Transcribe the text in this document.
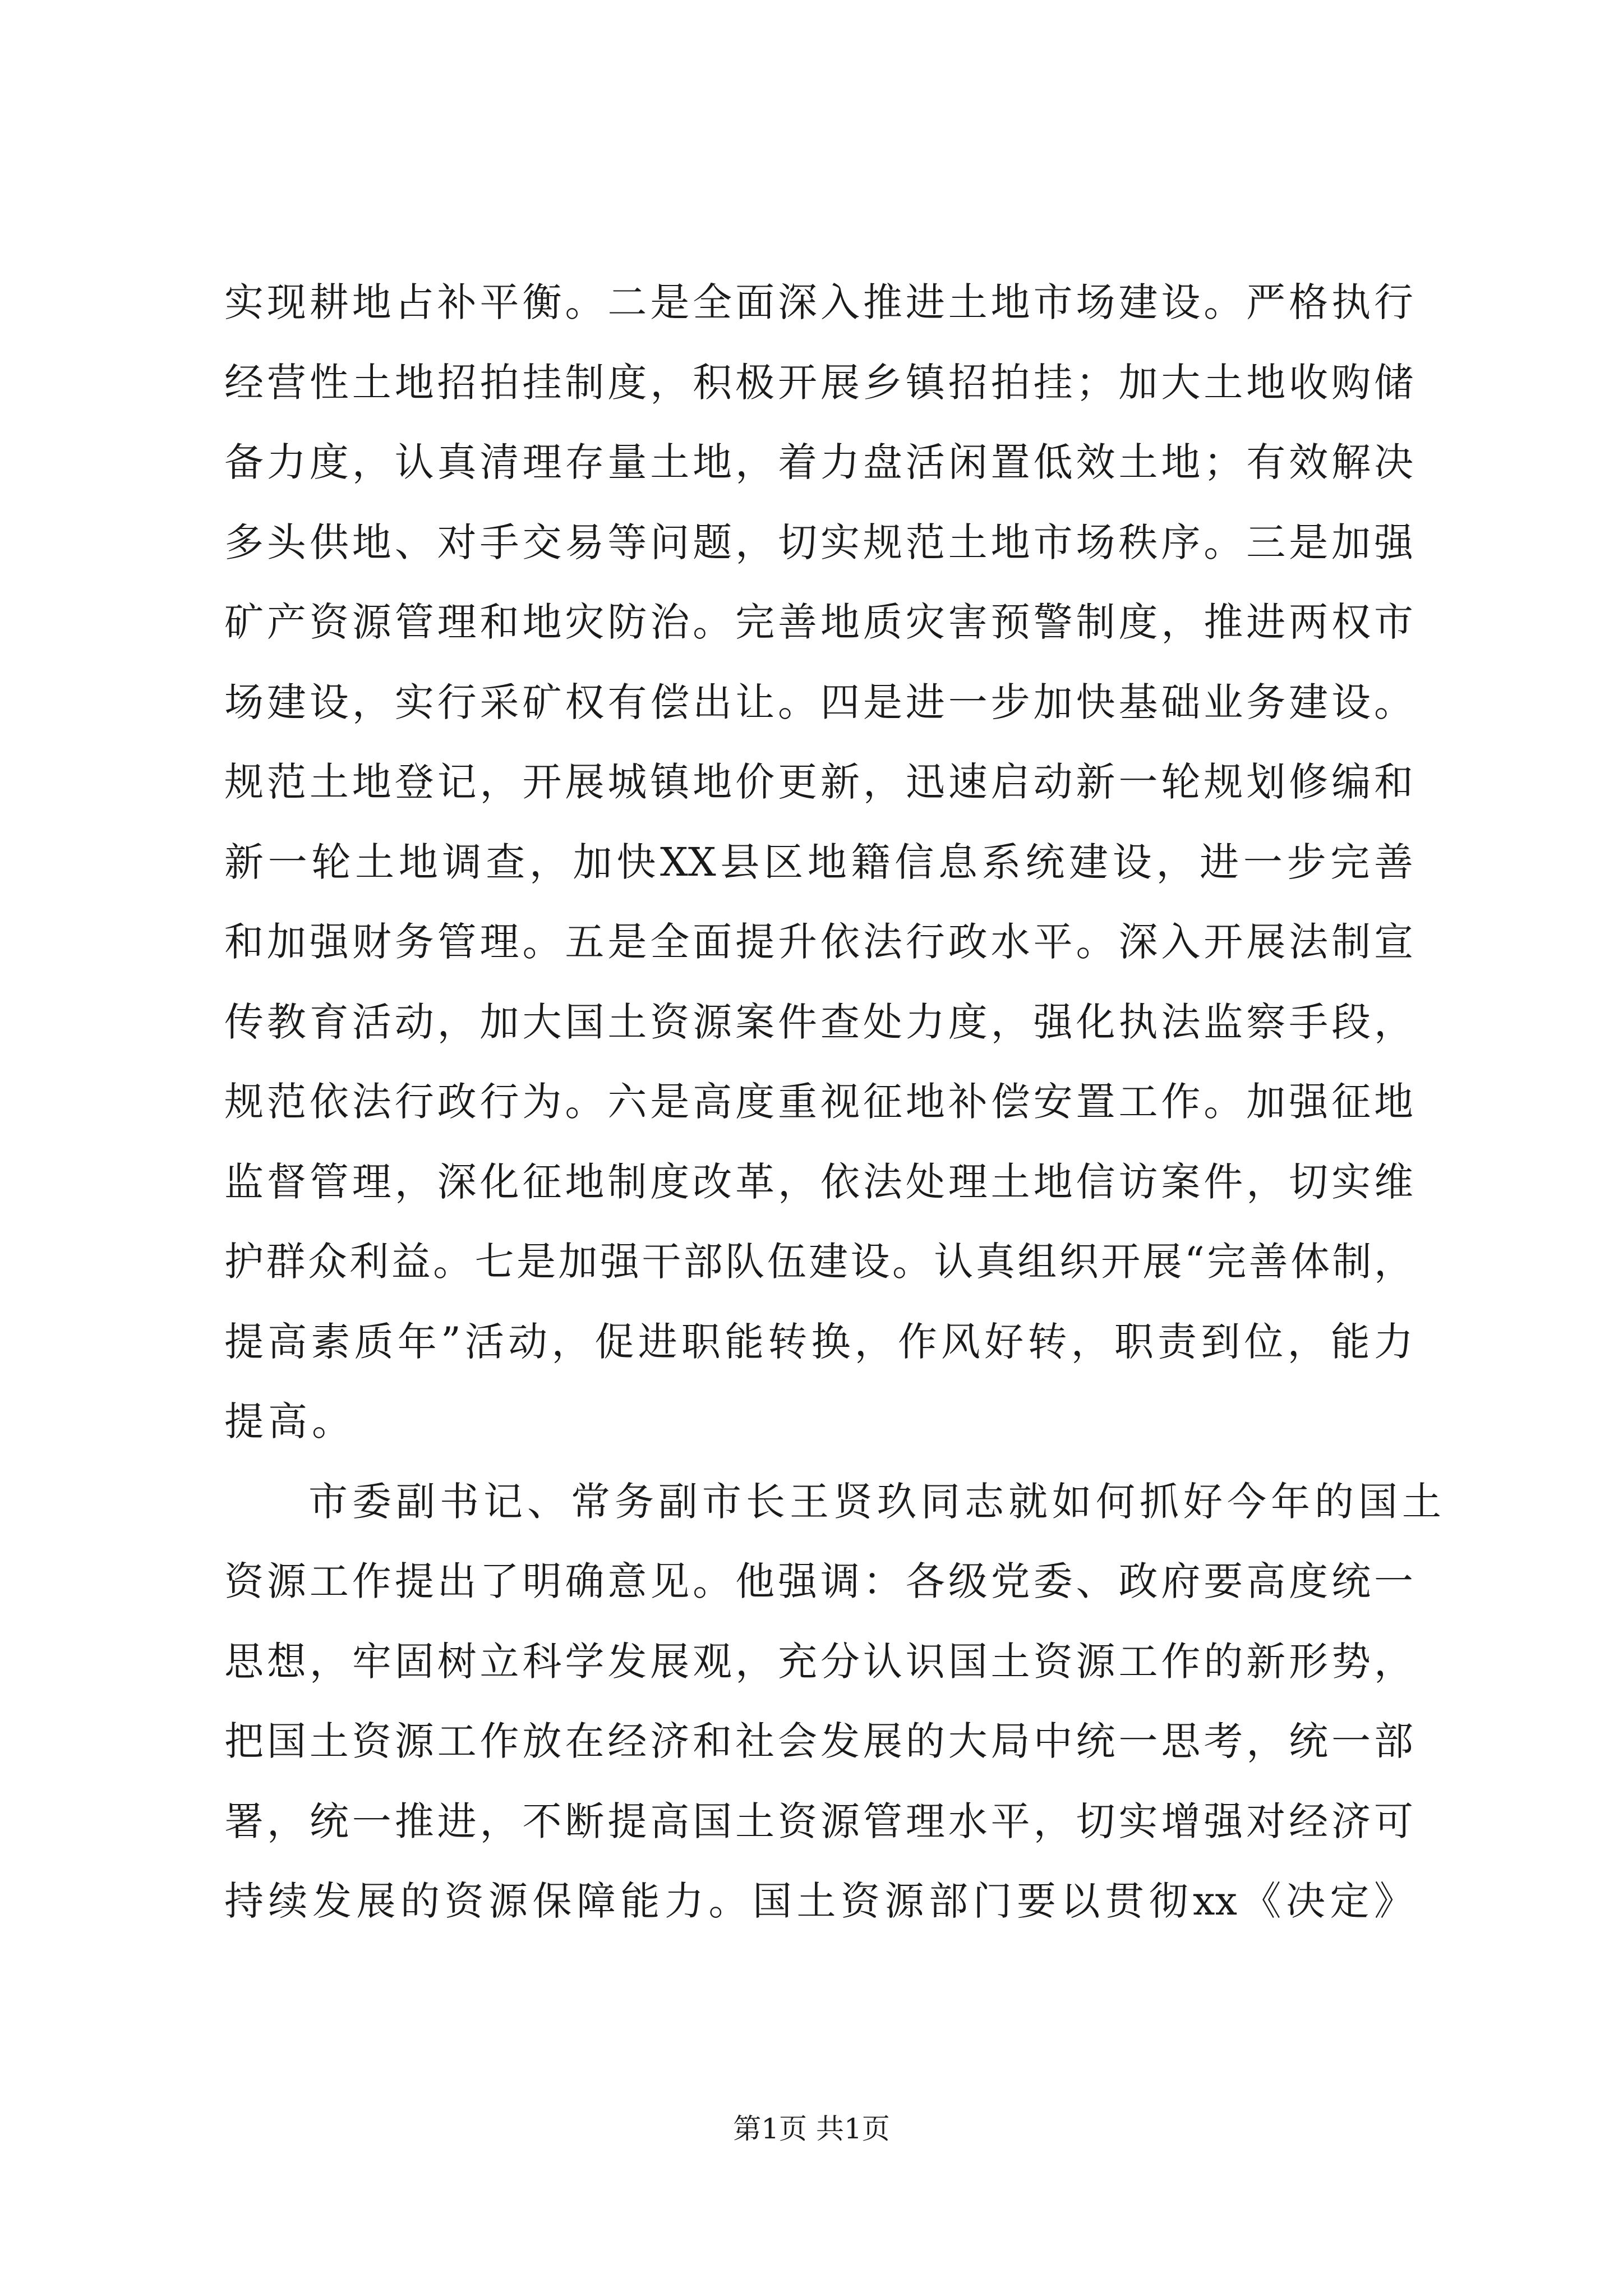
实现耕地占补平衡。二是全面深入推进土地市场建设。严格执行
经营性土地招拍挂制度，积极开展乡镇招拍挂；加大土地收购储
备力度，认真清理存量土地，着力盘活闲置低效土地；有效解决
多头供地、对手交易等问题，切实规范土地市场秩序。三是加强
矿产资源管理和地灾防治。完善地质灾害预警制度，推进两权市
场建设，实行采矿权有偿出让。四是进一步加快基础业务建设。
规范土地登记，开展城镇地价更新，迅速启动新一轮规划修编和
新一轮土地调查，加快XX县区地籍信息系统建设，进一步完善
和加强财务管理。五是全面提升依法行政水平。深入开展法制宣
传教育活动，加大国土资源案件查处力度，强化执法监察手段，
规范依法行政行为。六是高度重视征地补偿安置工作。加强征地
监督管理，深化征地制度改革，依法处理土地信访案件，切实维
护群众利益。七是加强干部队伍建设。认真组织开展“完善体制，
提高素质年”活动，促进职能转换，作风好转，职责到位，能力
提高。
市委副书记、常务副市长王贤玖同志就如何抓好今年的国土
资源工作提出了明确意见。他强调：各级党委、政府要高度统一
思想，牢固树立科学发展观，充分认识国土资源工作的新形势，
把国土资源工作放在经济和社会发展的大局中统一思考，统一部
署，统一推进，不断提高国土资源管理水平，切实增强对经济可
持续发展的资源保障能力。国土资源部门要以贯彻xx《决定》
第1页 共1页
